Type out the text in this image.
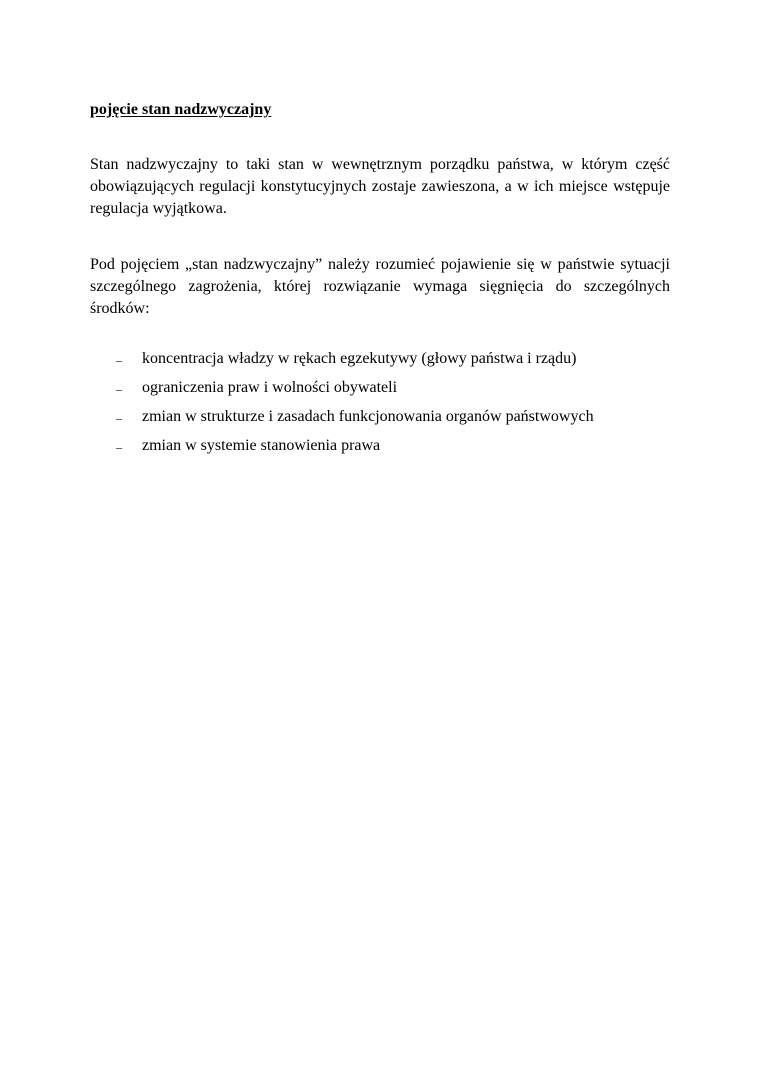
pojęcie stan nadzwyczajny
Stan nadzwyczajny to taki stan w wewnętrznym porządku państwa, w którym część obowiązujących regulacji konstytucyjnych zostaje zawieszona, a w ich miejsce wstępuje regulacja wyjątkowa.
Pod pojęciem „stan nadzwyczajny” należy rozumieć pojawienie się w państwie sytuacji szczególnego zagrożenia, której rozwiązanie wymaga sięgnięcia do szczególnych środków:
– koncentracja władzy w rękach egzekutywy (głowy państwa i rządu)
– ograniczenia praw i wolności obywateli
– zmian w strukturze i zasadach funkcjonowania organów państwowych
– zmian w systemie stanowienia prawa
